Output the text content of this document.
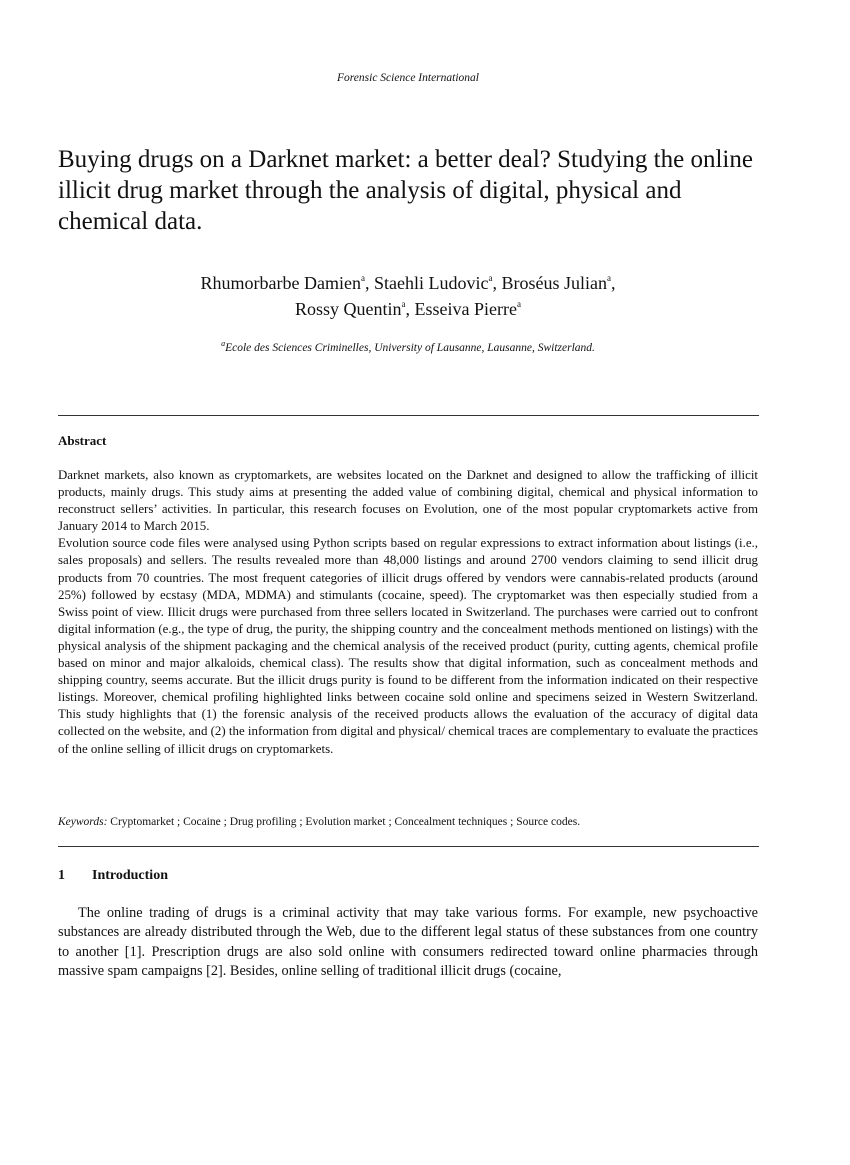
Forensic Science International
Buying drugs on a Darknet market: a better deal? Studying the online illicit drug market through the analysis of digital, physical and chemical data.
Rhumorbarbe Damien$^a$, Staehli Ludovic$^a$, Broséus Julian$^a$,
Rossy Quentin$^a$, Esseiva Pierre$^a$
$^a$Ecole des Sciences Criminelles, University of Lausanne, Lausanne, Switzerland.
Abstract

Darknet markets, also known as cryptomarkets, are websites located on the Darknet and designed to allow the trafficking of illicit products, mainly drugs. This study aims at presenting the added value of combining digital, chemical and physical information to reconstruct sellers’ activities. In particular, this research focuses on Evolution, one of the most popular cryptomarkets active from January 2014 to March 2015.

Evolution source code files were analysed using Python scripts based on regular expressions to extract information about listings (i.e., sales proposals) and sellers. The results revealed more than 48,000 listings and around 2700 vendors claiming to send illicit drug products from 70 countries. The most frequent categories of illicit drugs offered by vendors were cannabis-related products (around 25%) followed by ecstasy (MDA, MDMA) and stimulants (cocaine, speed). The cryptomarket was then especially studied from a Swiss point of view. Illicit drugs were purchased from three sellers located in Switzerland. The purchases were carried out to confront digital information (e.g., the type of drug, the purity, the shipping country and the concealment methods mentioned on listings) with the physical analysis of the shipment packaging and the chemical analysis of the received product (purity, cutting agents, chemical profile based on minor and major alkaloids, chemical class). The results show that digital information, such as concealment methods and shipping country, seems accurate. But the illicit drugs purity is found to be different from the information indicated on their respective listings. Moreover, chemical profiling highlighted links between cocaine sold online and specimens seized in Western Switzerland. This study highlights that (1) the forensic analysis of the received products allows the evaluation of the accuracy of digital data collected on the website, and (2) the information from digital and physical/ chemical traces are complementary to evaluate the practices of the online selling of illicit drugs on cryptomarkets.

Keywords: Cryptomarket ; Cocaine ; Drug profiling ; Evolution market ; Concealment techniques ; Source codes.
1 Introduction

The online trading of drugs is a criminal activity that may take various forms. For example, new psychoactive substances are already distributed through the Web, due to the different legal status of these substances from one country to another [1]. Prescription drugs are also sold online with consumers redirected toward online pharmacies through massive spam campaigns [2]. Besides, online selling of traditional illicit drugs (cocaine,
